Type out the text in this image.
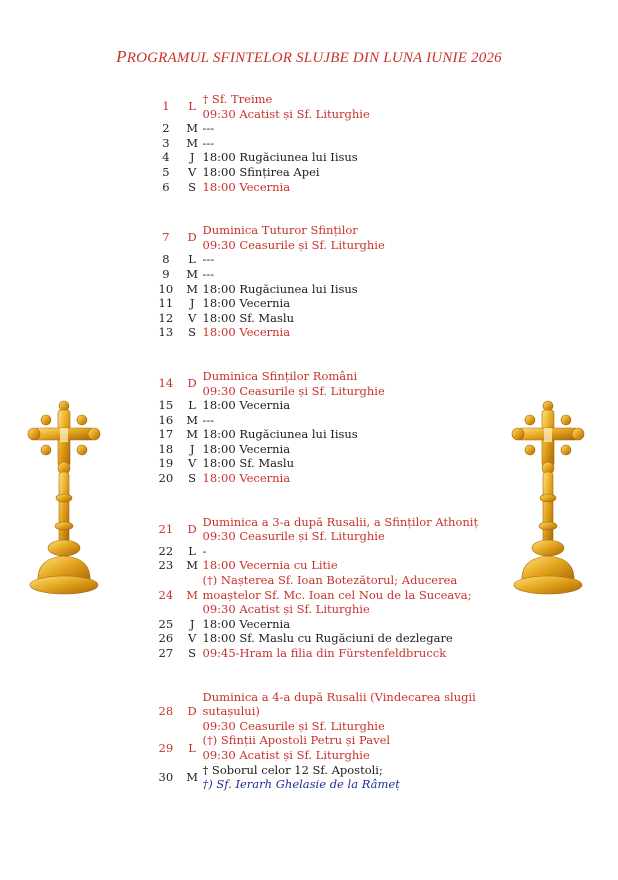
PROGRAMUL SFINTELOR SLUJBE DIN LUNA IUNIE 2026
1	L
† Sf. Treime
09:30 Acatist și Sf. Liturghie
2	M ---
3	M ---
4	J 18:00 Rugăciunea lui Iisus
5	V 18:00 Sfințirea Apei
6	S 18:00 Vecernia
7	D
Duminica Tuturor Sfinților
09:30 Ceasurile și Sf. Liturghie
8	L ---
9	M ---
10	M 18:00 Rugăciunea lui Iisus
11	J 18:00 Vecernia
12	V 18:00 Sf. Maslu
13	S 18:00 Vecernia
14	D
Duminica Sfinților Români
09:30 Ceasurile și Sf. Liturghie
15	L 18:00 Vecernia
16	M ---
17	M 18:00 Rugăciunea lui Iisus
18	J 18:00 Vecernia
19	V 18:00 Sf. Maslu
20	S 18:00 Vecernia
21	D
Duminica a 3-a după Rusalii, a Sfinților Athoniț
09:30 Ceasurile și Sf. Liturghie
22	L -
23	M 18:00 Vecernia cu Litie
24	M
(†) Nașterea Sf. Ioan Botezătorul; Aducerea
moaștelor Sf. Mc. Ioan cel Nou de la Suceava;
09:30 Acatist și Sf. Liturghie
25	J 18:00 Vecernia
26	V 18:00 Sf. Maslu cu Rugăciuni de dezlegare
27	S 09:45-Hram la filia din Fürstenfeldbrucck
28	D
Duminica a 4-a după Rusalii (Vindecarea slugii
sutașului)
09:30 Ceasurile și Sf. Liturghie
29	L
(†) Sfinții Apostoli Petru și Pavel
09:30 Acatist și Sf. Liturghie
30	M
† Soborul celor 12 Sf. Apostoli;
†) Sf. Ierarh Ghelasie de la Râmeț
